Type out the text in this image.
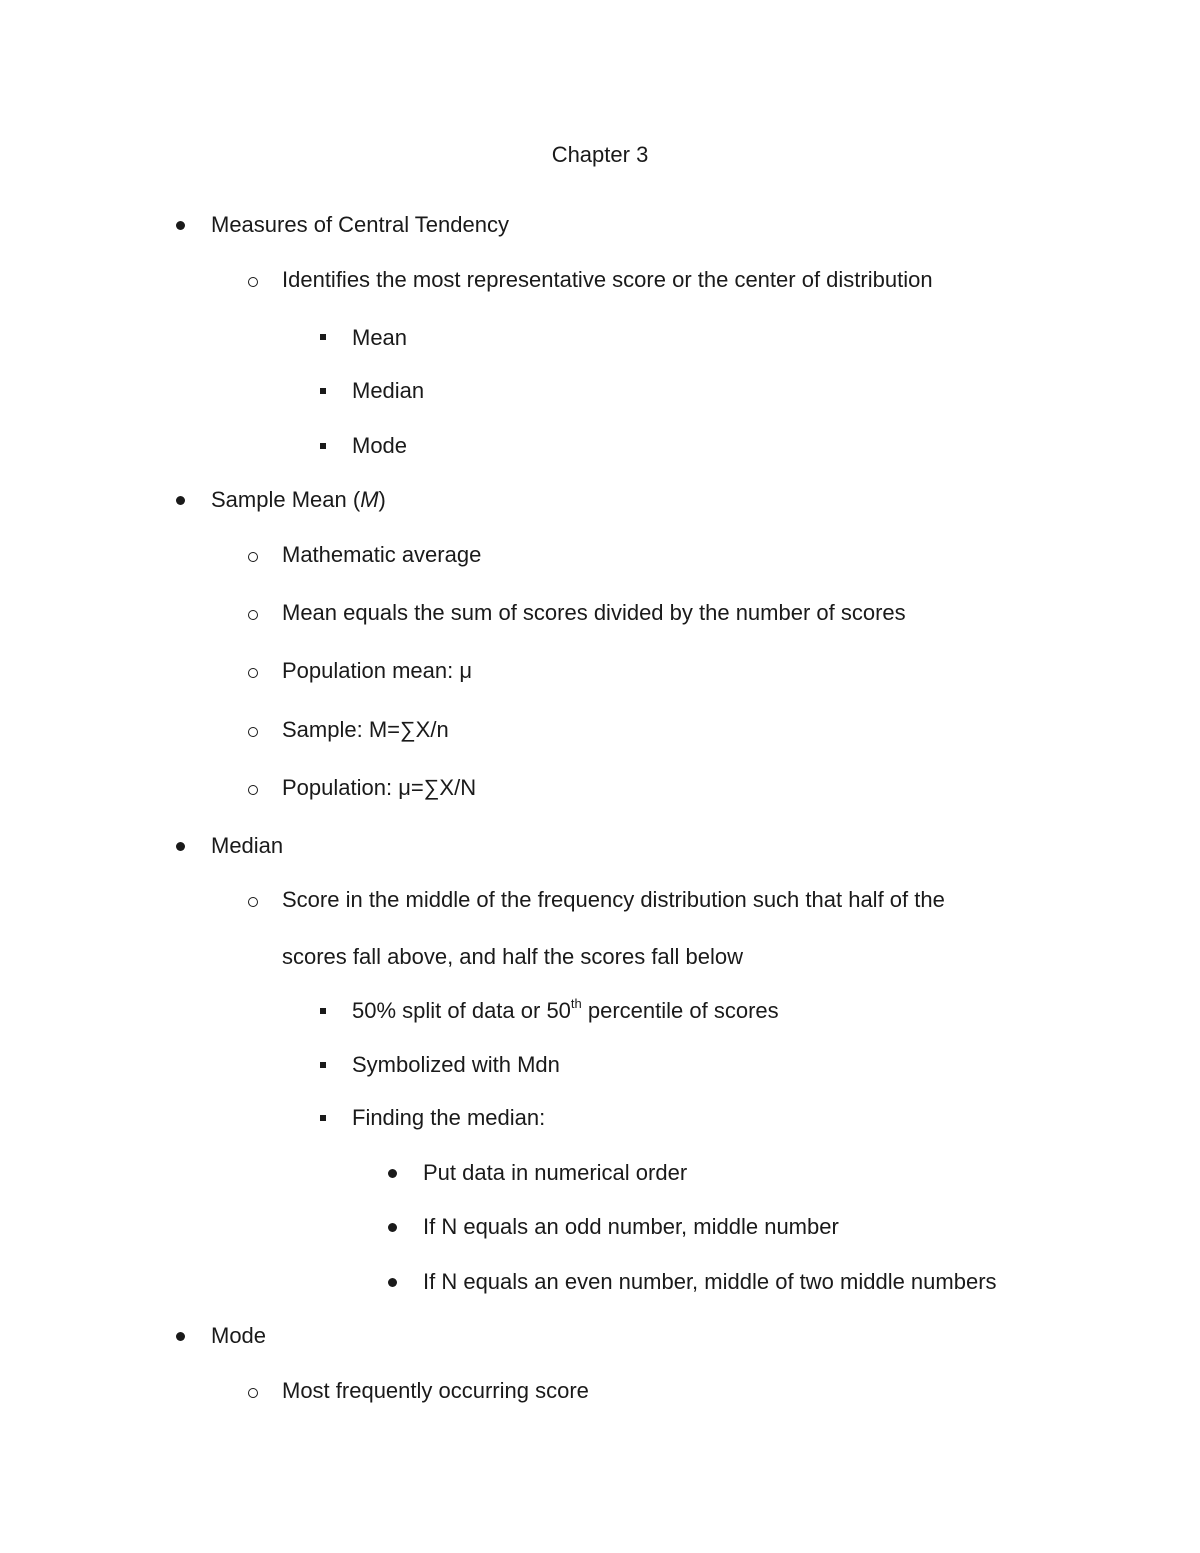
Chapter 3
Measures of Central Tendency
Identifies the most representative score or the center of distribution
Mean
Median
Mode
Sample Mean (M)
Mathematic average
Mean equals the sum of scores divided by the number of scores
Population mean: μ
Sample: M=∑X/n
Population: μ=∑X/N
Median
Score in the middle of the frequency distribution such that half of the
scores fall above, and half the scores fall below
50% split of data or 50th percentile of scores
Symbolized with Mdn
Finding the median:
Put data in numerical order
If N equals an odd number, middle number
If N equals an even number, middle of two middle numbers
Mode
Most frequently occurring score
